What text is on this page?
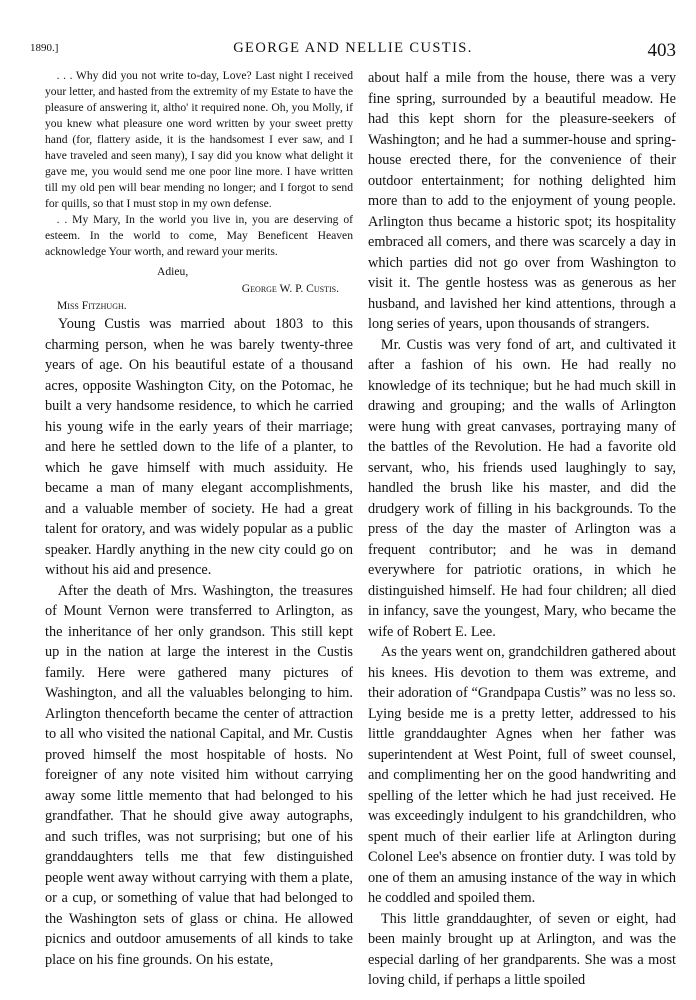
1890.]	GEORGE AND NELLIE CUSTIS.	403

. . . Why did you not write to-day, Love? Last night I received your letter, and hasted from the extremity of my Estate to have the pleasure of answering it, altho' it required none. Oh, you Molly, if you knew what pleasure one word written by your sweet pretty hand (for, flattery aside, it is the handsomest I ever saw, and I have traveled and seen many), I say did you know what delight it gave me, you would send me one poor line more. I have written till my old pen will bear mending no longer; and I forgot to send for quills, so that I must stop in my own defense.

. . My Mary, In the world you live in, you are deserving of esteem. In the world to come, May Beneficent Heaven acknowledge Your worth, and reward your merits.

Adieu,

George W. P. Custis.

Miss Fitzhugh.

Young Custis was married about 1803 to this charming person, when he was barely twenty-three years of age. On his beautiful estate of a thousand acres, opposite Washington City, on the Potomac, he built a very handsome residence, to which he carried his young wife in the early years of their marriage; and here he settled down to the life of a planter, to which he gave himself with much assiduity. He became a man of many elegant accomplishments, and a valuable member of society. He had a great talent for oratory, and was widely popular as a public speaker. Hardly anything in the new city could go on without his aid and presence.

After the death of Mrs. Washington, the treasures of Mount Vernon were transferred to Arlington, as the inheritance of her only grandson. This still kept up in the nation at large the interest in the Custis family. Here were gathered many pictures of Washington, and all the valuables belonging to him. Arlington thenceforth became the center of attraction to all who visited the national Capital, and Mr. Custis proved himself the most hospitable of hosts. No foreigner of any note visited him without carrying away some little memento that had belonged to his grandfather. That he should give away autographs, and such trifles, was not surprising; but one of his granddaughters tells me that few distinguished people went away without carrying with them a plate, or a cup, or something of value that had belonged to the Washington sets of glass or china. He allowed picnics and outdoor amusements of all kinds to take place on his fine grounds. On his estate,

about half a mile from the house, there was a very fine spring, surrounded by a beautiful meadow. He had this kept shorn for the pleasure-seekers of Washington; and he had a summer-house and spring-house erected there, for the convenience of their outdoor entertainment; for nothing delighted him more than to add to the enjoyment of young people. Arlington thus became a historic spot; its hospitality embraced all comers, and there was scarcely a day in which parties did not go over from Washington to visit it. The gentle hostess was as generous as her husband, and lavished her kind attentions, through a long series of years, upon thousands of strangers.

Mr. Custis was very fond of art, and cultivated it after a fashion of his own. He had really no knowledge of its technique; but he had much skill in drawing and grouping; and the walls of Arlington were hung with great canvases, portraying many of the battles of the Revolution. He had a favorite old servant, who, his friends used laughingly to say, handled the brush like his master, and did the drudgery work of filling in his backgrounds. To the press of the day the master of Arlington was a frequent contributor; and he was in demand everywhere for patriotic orations, in which he distinguished himself. He had four children; all died in infancy, save the youngest, Mary, who became the wife of Robert E. Lee.

As the years went on, grandchildren gathered about his knees. His devotion to them was extreme, and their adoration of “Grandpapa Custis” was no less so. Lying beside me is a pretty letter, addressed to his little granddaughter Agnes when her father was superintendent at West Point, full of sweet counsel, and complimenting her on the good handwriting and spelling of the letter which he had just received. He was exceedingly indulgent to his grandchildren, who spent much of their earlier life at Arlington during Colonel Lee's absence on frontier duty. I was told by one of them an amusing instance of the way in which he coddled and spoiled them.

This little granddaughter, of seven or eight, had been mainly brought up at Arlington, and was the especial darling of her grandparents. She was a most loving child, if perhaps a little spoiled
